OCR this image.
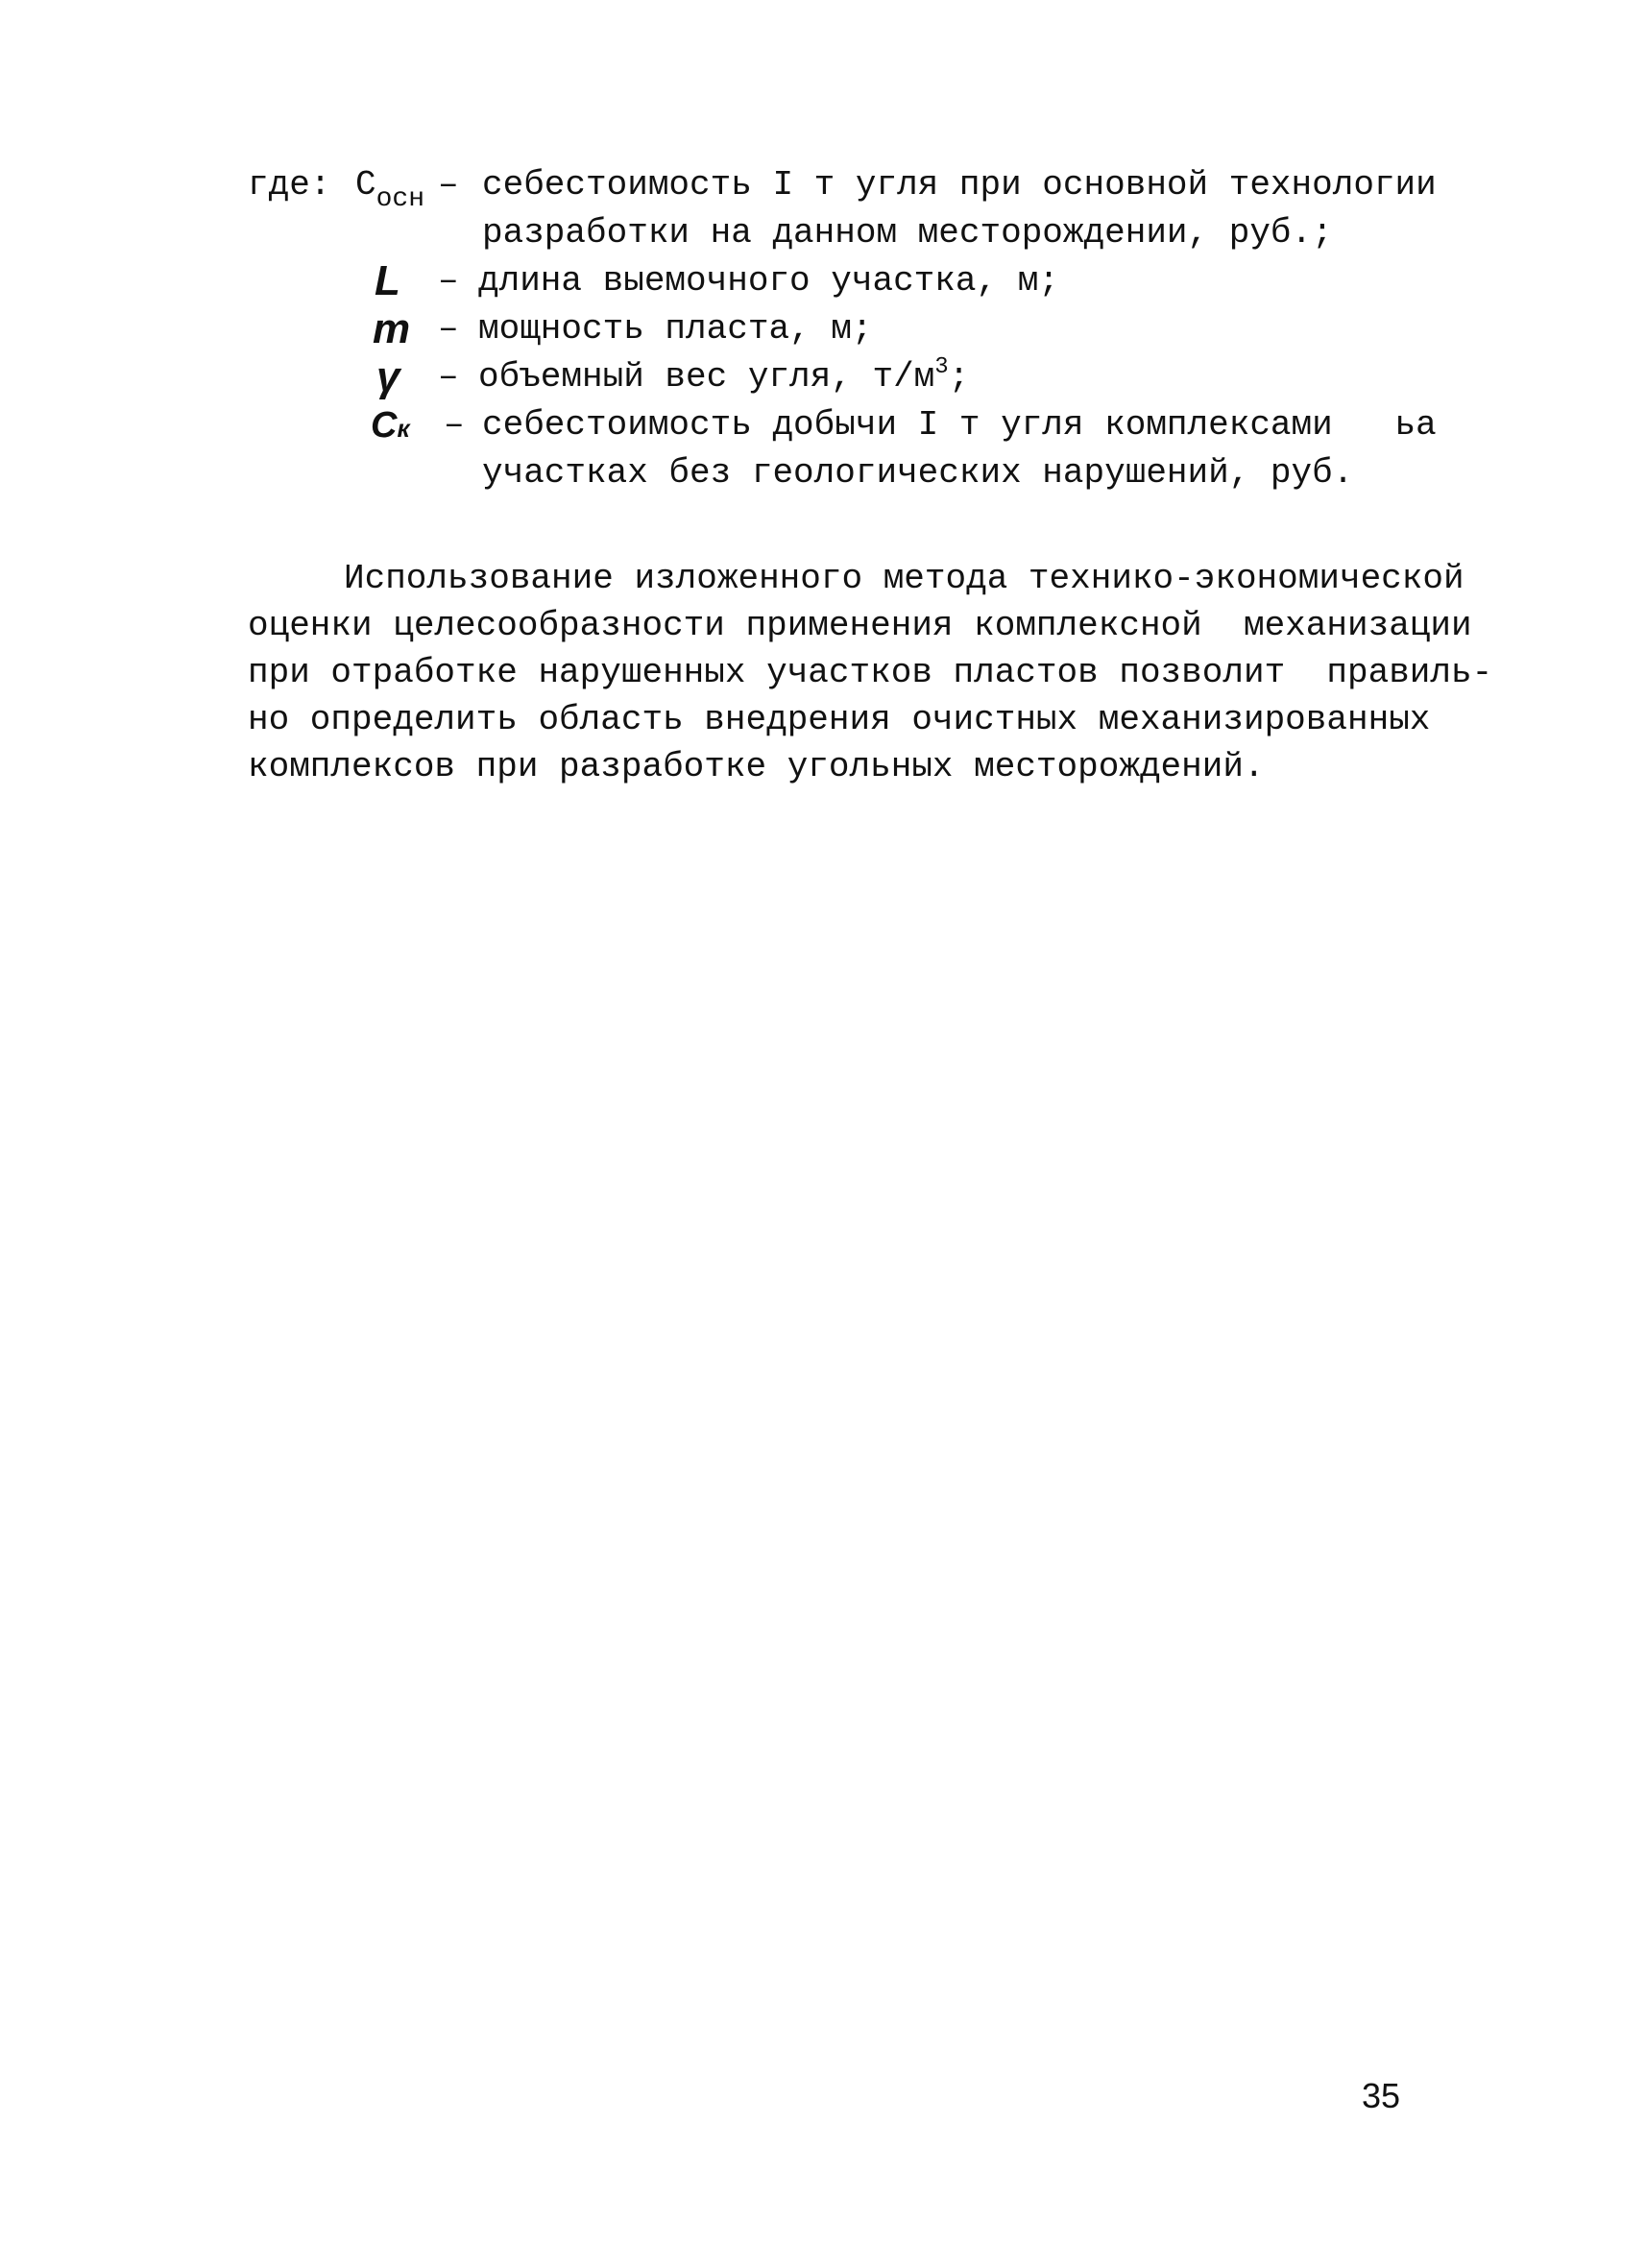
где: $C_{осн}$ – себестоимость I т угля при основной технологии
разработки на данном месторождении, руб.;
L – длина выемочного участка, м;
m – мощность пласта, м;
γ – объемный вес угля, $т/м^3$;
Cк – себестоимость добычи I т угля комплексами   ьа
участках без геологических нарушений, руб.
Использование изложенного метода технико-экономической
оценки целесообразности применения комплексной  механизации
при отработке нарушенных участков пластов позволит  правиль-
но определить область внедрения очистных механизированных
комплексов при разработке угольных месторождений.
35
